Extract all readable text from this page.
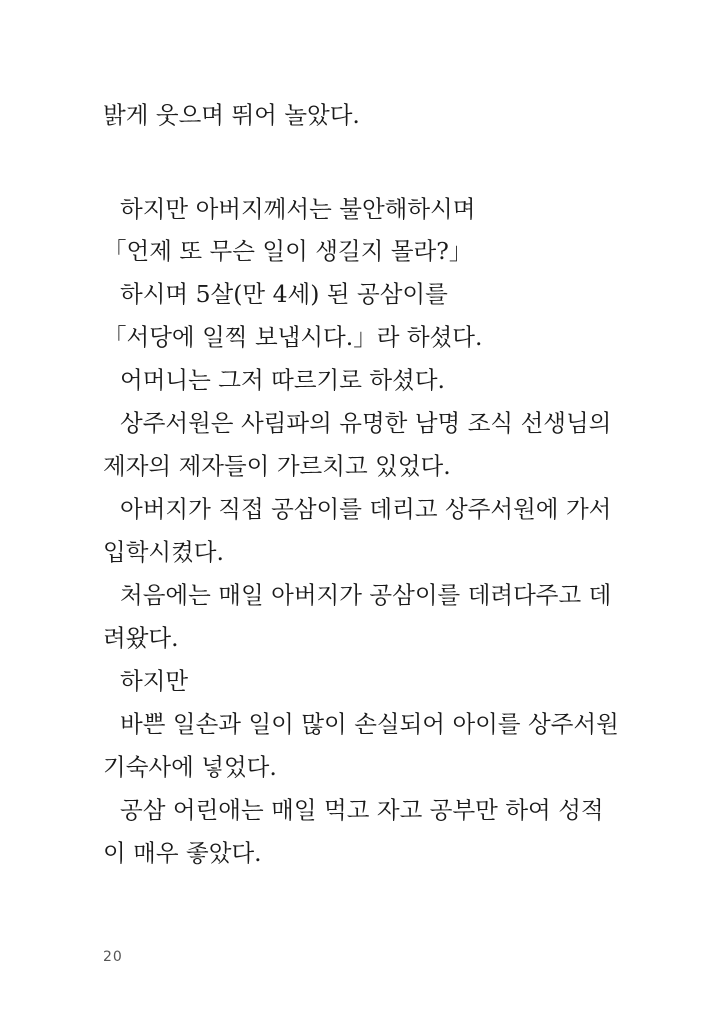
밝게 웃으며 뛰어 놀았다.
하지만 아버지께서는 불안해하시며
「언제 또 무슨 일이 생길지 몰라?」
하시며 5살(만 4세) 된 공삼이를
「서당에 일찍 보냅시다.」라 하셨다.
어머니는 그저 따르기로 하셨다.
상주서원은 사림파의 유명한 남명 조식 선생님의
제자의 제자들이 가르치고 있었다.
아버지가 직접 공삼이를 데리고 상주서원에 가서
입학시켰다.
처음에는 매일 아버지가 공삼이를 데려다주고 데
려왔다.
하지만
바쁜 일손과 일이 많이 손실되어 아이를 상주서원
기숙사에 넣었다.
공삼 어린애는 매일 먹고 자고 공부만 하여 성적
이 매우 좋았다.
20
